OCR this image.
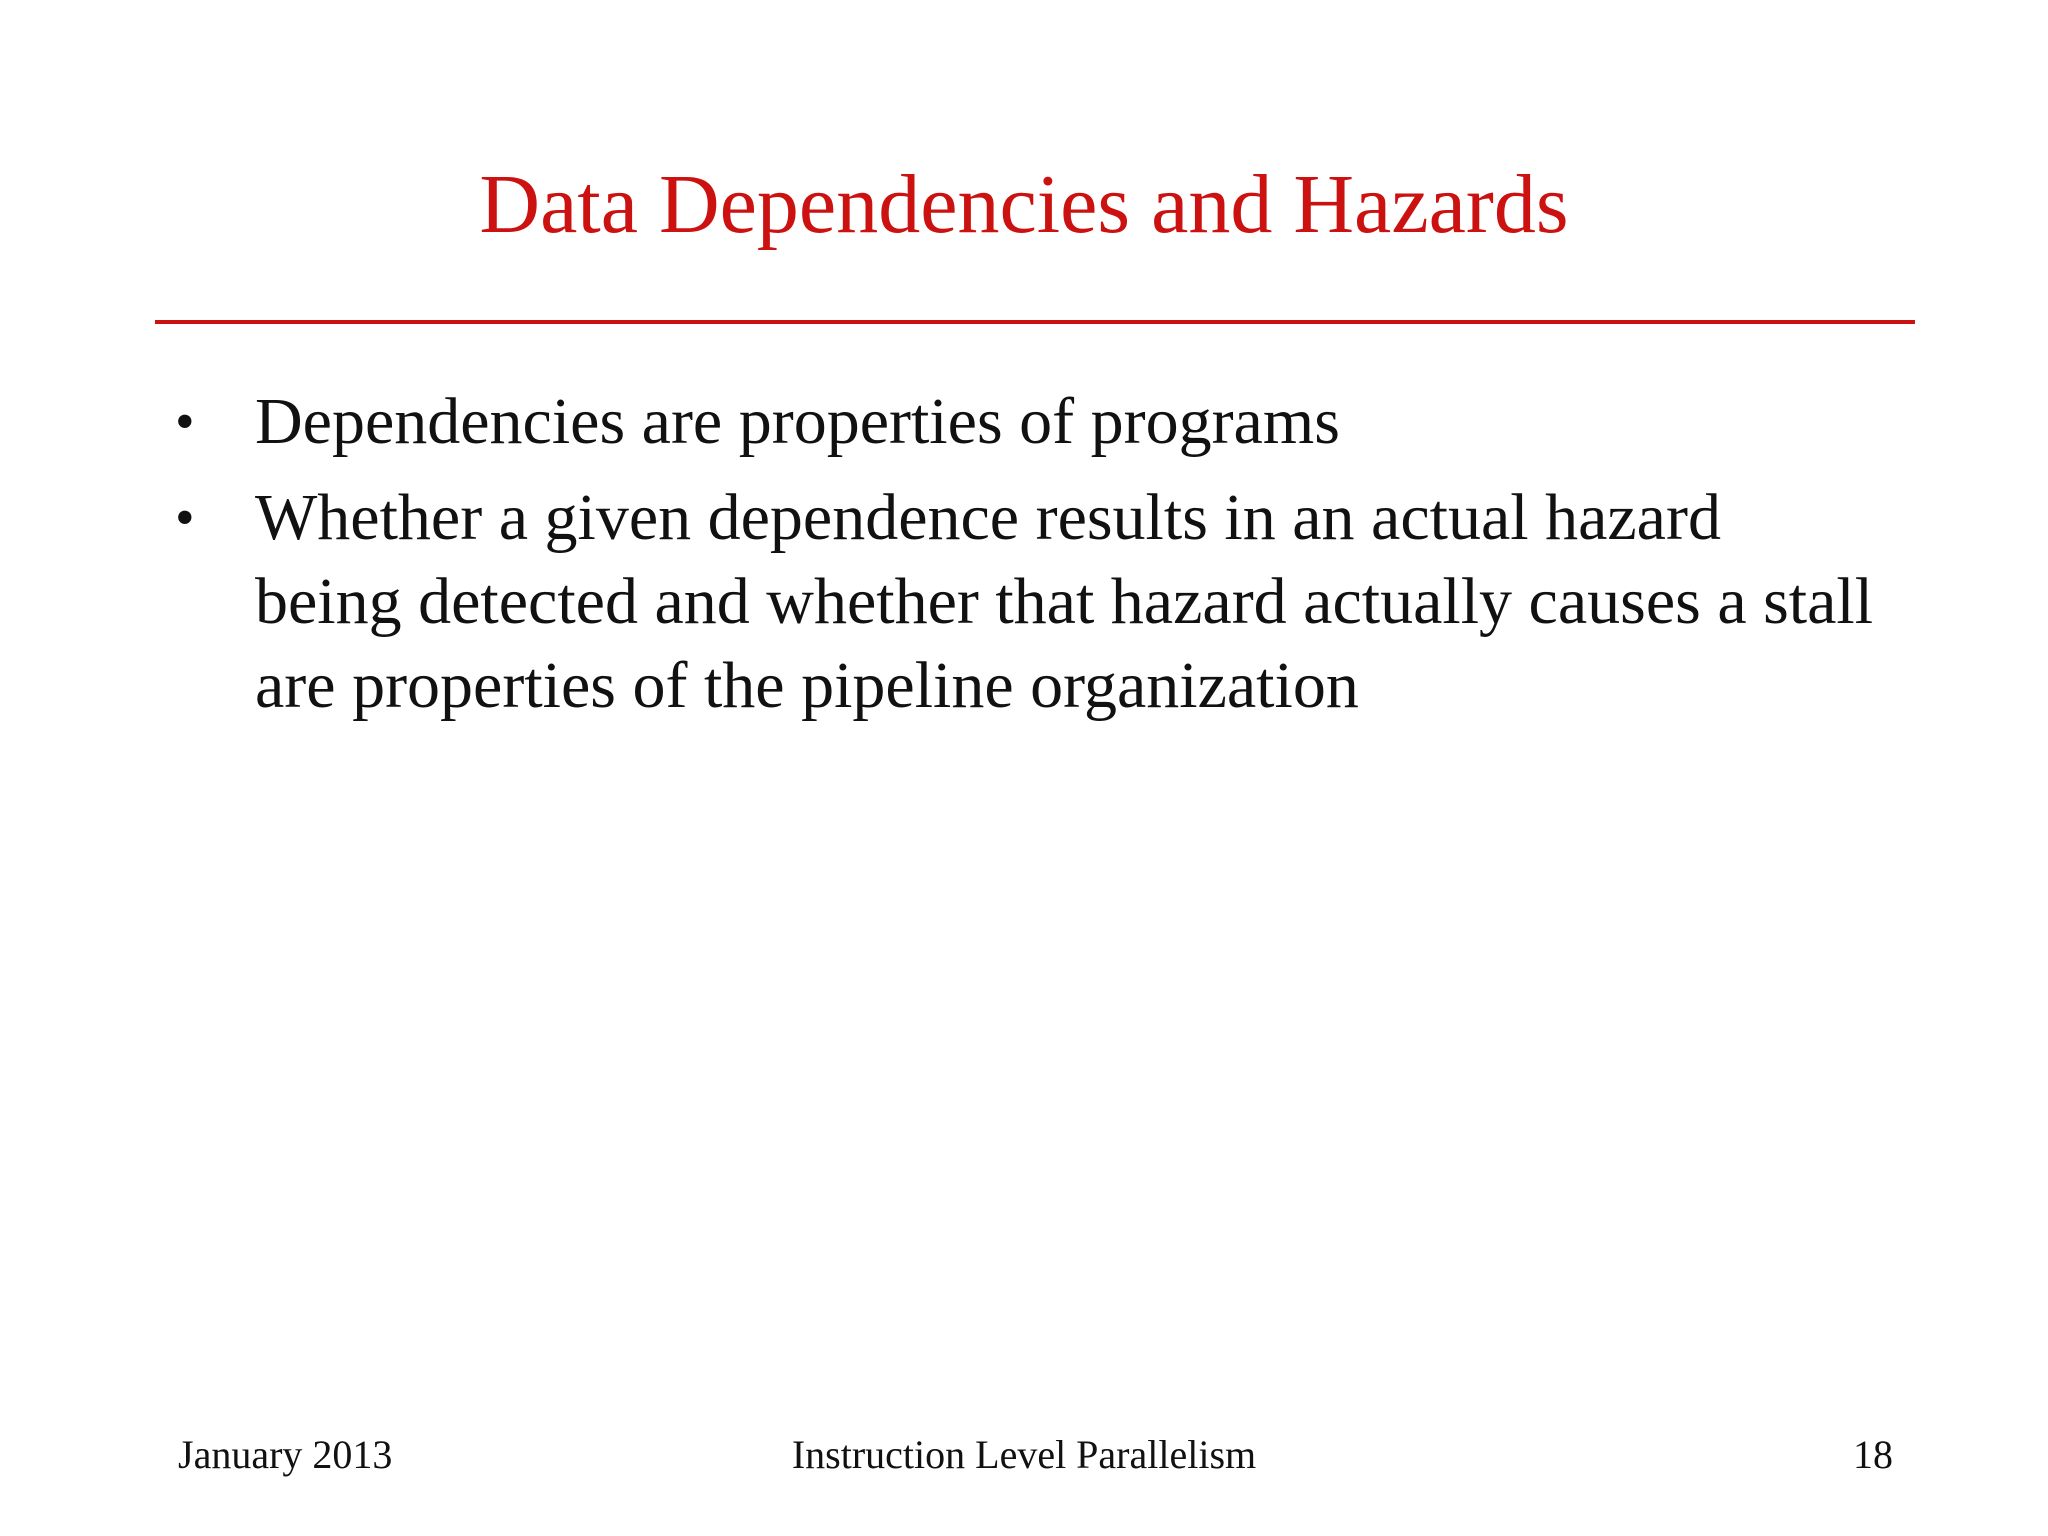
Data Dependencies and Hazards
• Dependencies are properties of programs
• Whether a given dependence results in an actual hazard being detected and whether that hazard actually causes a stall are properties of the pipeline organization
January 2013	Instruction Level Parallelism	18
